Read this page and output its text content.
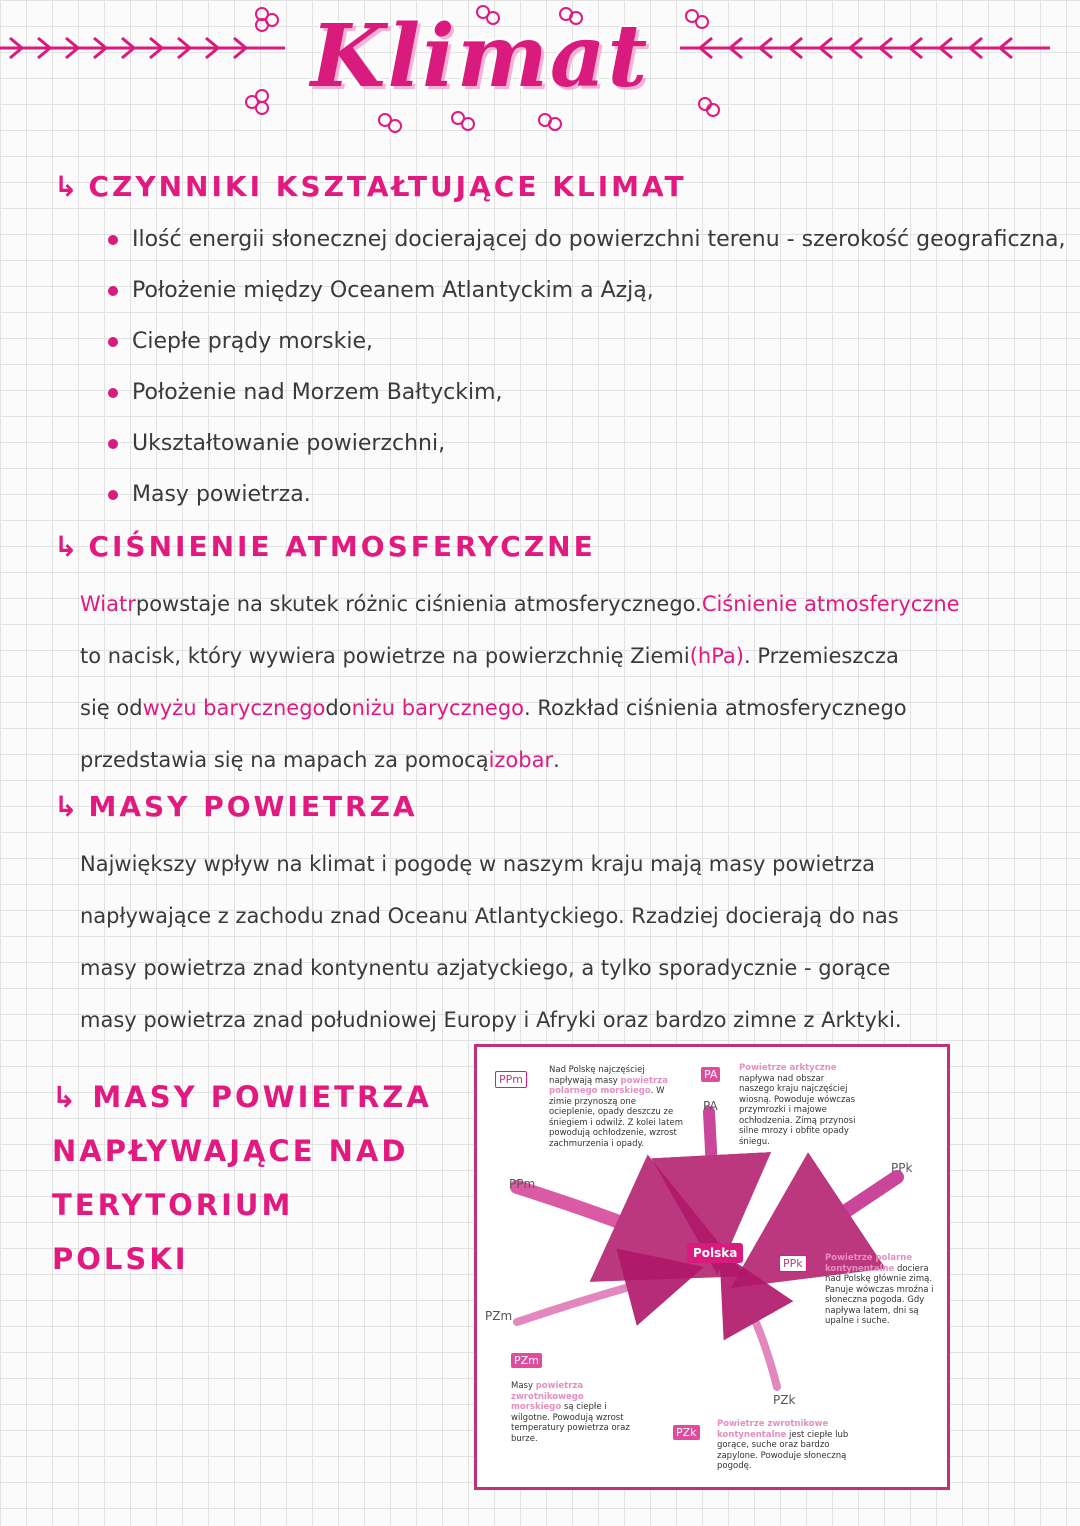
Klimat
↳ CZYNNIKI KSZTAŁTUJĄCE KLIMAT
Ilość energii słonecznej docierającej do powierzchni terenu - szerokość geograficzna,
Położenie między Oceanem Atlantyckim a Azją,
Ciepłe prądy morskie,
Położenie nad Morzem Bałtyckim,
Ukształtowanie powierzchni,
Masy powietrza.
↳ CIŚNIENIE ATMOSFERYCZNE
Wiatr powstaje na skutek różnic ciśnienia atmosferycznego. Ciśnienie atmosferyczne
to nacisk, który wywiera powietrze na powierzchnię Ziemi (hPa) . Przemieszcza
się od wyżu barycznego do niżu barycznego . Rozkład ciśnienia atmosferycznego
przedstawia się na mapach za pomocą izobar .
↳ MASY POWIETRZA
Największy wpływ na klimat i pogodę w naszym kraju mają masy powietrza
napływające z zachodu znad Oceanu Atlantyckiego. Rzadziej docierają do nas
masy powietrza znad kontynentu azjatyckiego, a tylko sporadycznie - gorące
masy powietrza znad południowej Europy i Afryki oraz bardzo zimne z Arktyki.
↳ MASY POWIETRZA
NAPŁYWAJĄCE NAD
TERYTORIUM
POLSKI	Polska
PPm
Nad Polskę najczęściej napływają masy powietrza polarnego morskiego. W zimie przynoszą one ocieplenie, opady deszczu ze śniegiem i odwilż. Z kolei latem powodują ochłodzenie, wzrost zachmurzenia i opady.
PA	Powietrze arktyczne napływa nad obszar naszego kraju najczęściej wiosną. Powoduje wówczas przymrozki i majowe ochłodzenia. Zimą przynosi silne mrozy i obfite opady śniegu.
PA
PPm
PPk
PZm
PZk
PPk	Powietrze polarne kontynentalne dociera nad Polskę głównie zimą. Panuje wówczas mroźna i słoneczna pogoda. Gdy napływa latem, dni są upalne i suche.
PZm
Masy powietrza zwrotnikowego morskiego są ciepłe i wilgotne. Powodują wzrost temperatury powietrza oraz burze.	PZk
Powietrze zwrotnikowe kontynentalne jest ciepłe lub gorące, suche oraz bardzo zapylone. Powoduje słoneczną pogodę.
